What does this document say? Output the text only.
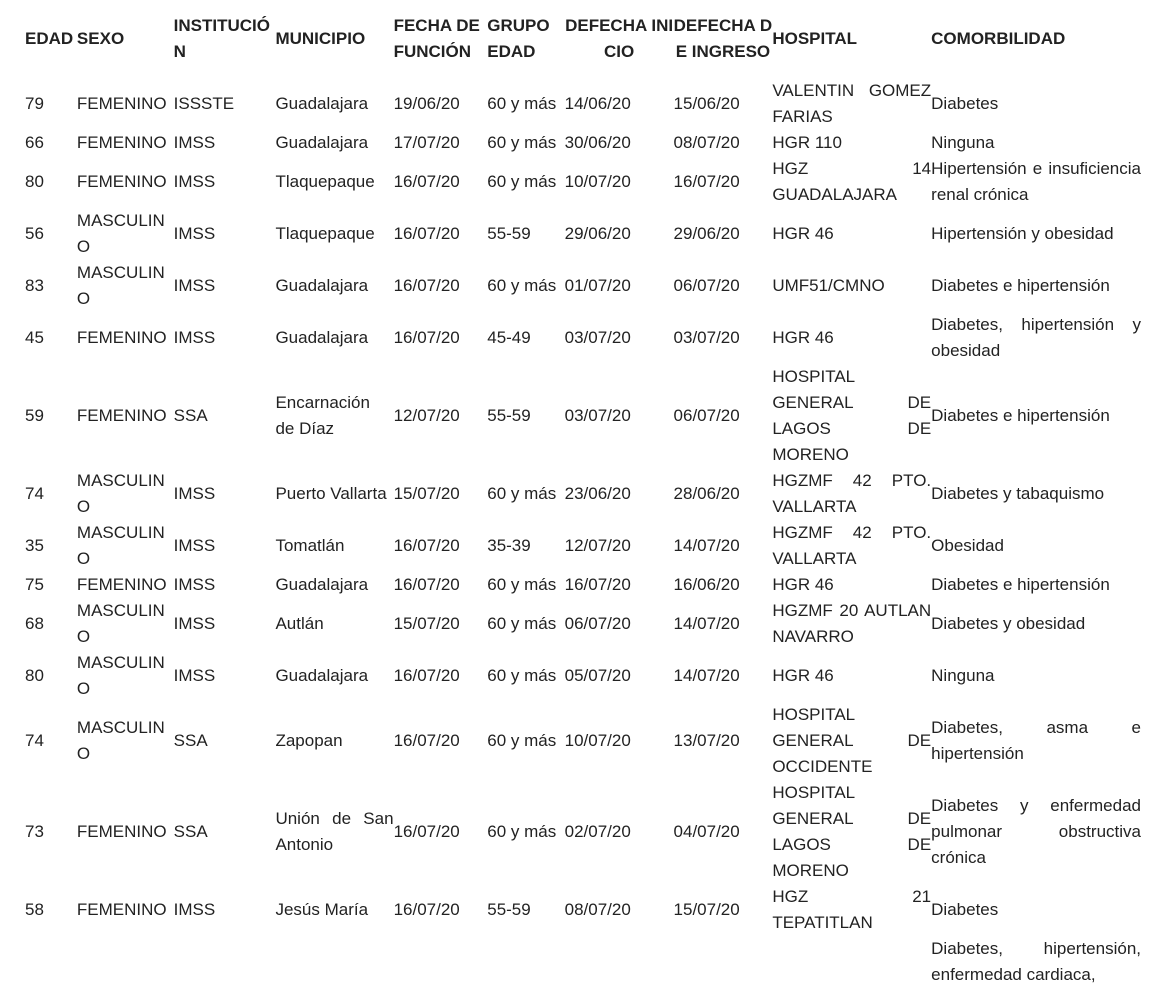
EDAD	SEXO	INSTITUCIÓN	MUNICIPIO	FECHA DEFUNCIÓN	GRUPO EDAD	DEFECHA INICIO	DEFECHA DE INGRESO	HOSPITAL	COMORBILIDAD
79	FEMENINO	ISSSTE	Guadalajara	19/06/20	60 y más	14/06/20	15/06/20	VALENTIN GOMEZ FARIAS	Diabetes
66	FEMENINO	IMSS	Guadalajara	17/07/20	60 y más	30/06/20	08/07/20	HGR 110	Ninguna
80	FEMENINO	IMSS	Tlaquepaque	16/07/20	60 y más	10/07/20	16/07/20	HGZ 14 GUADALAJARA	Hipertensión e insuficiencia renal crónica
56	MASCULINO	IMSS	Tlaquepaque	16/07/20	55-59	29/06/20	29/06/20	HGR 46	Hipertensión y obesidad
83	MASCULINO	IMSS	Guadalajara	16/07/20	60 y más	01/07/20	06/07/20	UMF51/CMNO	Diabetes e hipertensión
45	FEMENINO	IMSS	Guadalajara	16/07/20	45-49	03/07/20	03/07/20	HGR 46	Diabetes, hipertensión y obesidad
59	FEMENINO	SSA	Encarnación de Díaz	12/07/20	55-59	03/07/20	06/07/20	HOSPITAL GENERAL DE LAGOS DE MORENO	Diabetes e hipertensión
74	MASCULINO	IMSS	Puerto Vallarta	15/07/20	60 y más	23/06/20	28/06/20	HGZMF 42 PTO. VALLARTA	Diabetes y tabaquismo
35	MASCULINO	IMSS	Tomatlán	16/07/20	35-39	12/07/20	14/07/20	HGZMF 42 PTO. VALLARTA	Obesidad
75	FEMENINO	IMSS	Guadalajara	16/07/20	60 y más	16/07/20	16/06/20	HGR 46	Diabetes e hipertensión
68	MASCULINO	IMSS	Autlán	15/07/20	60 y más	06/07/20	14/07/20	HGZMF 20 AUTLAN NAVARRO	Diabetes y obesidad
80	MASCULINO	IMSS	Guadalajara	16/07/20	60 y más	05/07/20	14/07/20	HGR 46	Ninguna
74	MASCULINO	SSA	Zapopan	16/07/20	60 y más	10/07/20	13/07/20	HOSPITAL GENERAL DE OCCIDENTE	Diabetes, asma e hipertensión
73	FEMENINO	SSA	Unión de San Antonio	16/07/20	60 y más	02/07/20	04/07/20	HOSPITAL GENERAL DE LAGOS DE MORENO	Diabetes y enfermedad pulmonar obstructiva crónica
58	FEMENINO	IMSS	Jesús María	16/07/20	55-59	08/07/20	15/07/20	HGZ 21 TEPATITLAN	Diabetes
									Diabetes, hipertensión, enfermedad cardiaca,
